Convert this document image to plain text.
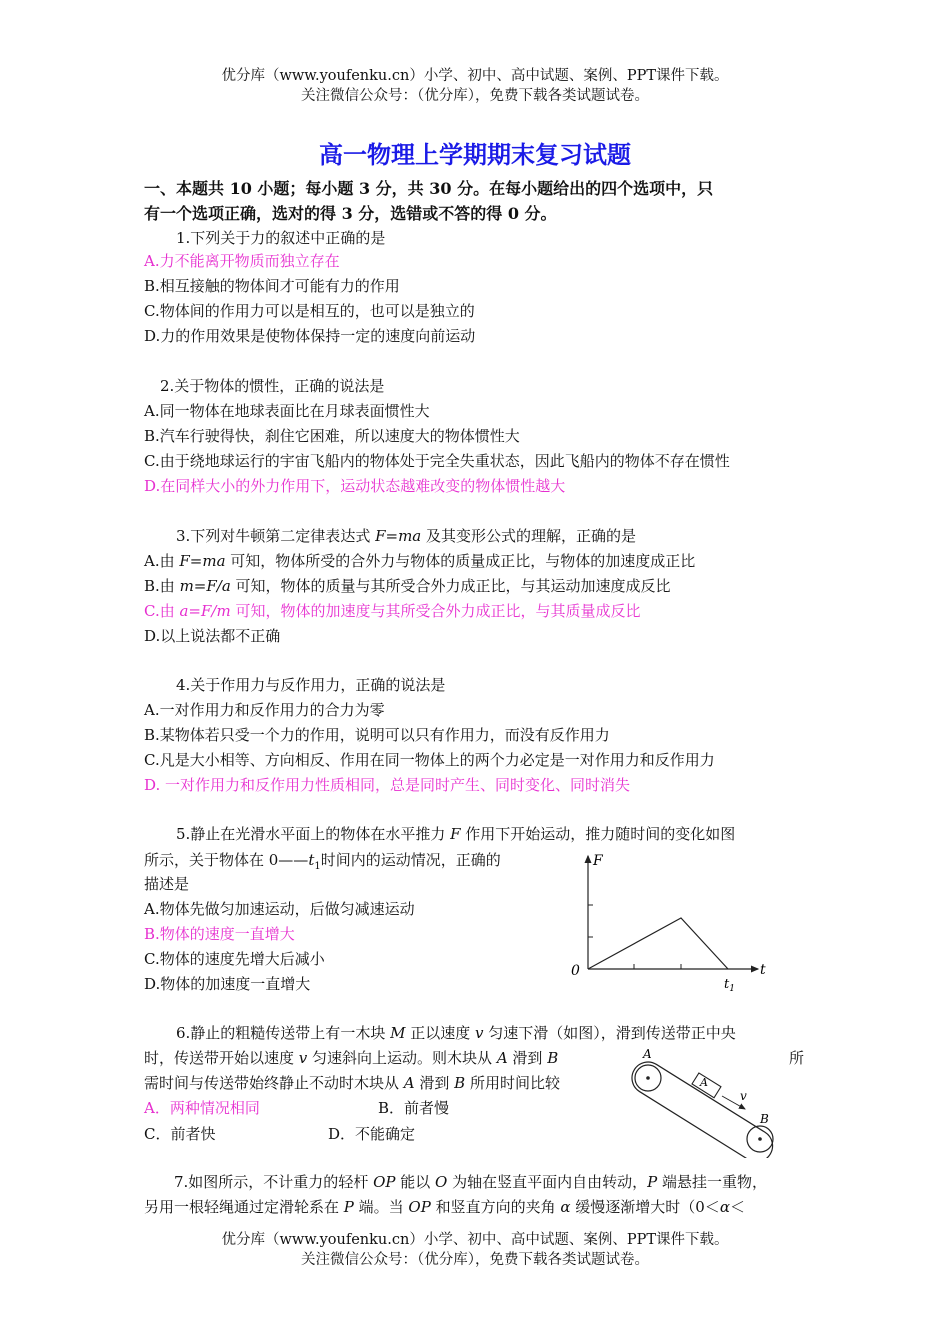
优分库（www.youfenku.cn）小学、初中、高中试题、案例、PPT课件下载。
关注微信公众号：（优分库），免费下载各类试题试卷。
高一物理上学期期末复习试题
一、本题共 10 小题；每小题 3 分，共 30 分。在每小题给出的四个选项中，只
有一个选项正确，选对的得 3 分，选错或不答的得 0 分。
1.下列关于力的叙述中正确的是
A.力不能离开物质而独立存在
B.相互接触的物体间才可能有力的作用
C.物体间的作用力可以是相互的，也可以是独立的
D.力的作用效果是使物体保持一定的速度向前运动
2.关于物体的惯性，正确的说法是
A.同一物体在地球表面比在月球表面惯性大
B.汽车行驶得快，刹住它困难，所以速度大的物体惯性大
C.由于绕地球运行的宇宙飞船内的物体处于完全失重状态，因此飞船内的物体不存在惯性
D.在同样大小的外力作用下，运动状态越难改变的物体惯性越大
3.下列对牛顿第二定律表达式 F=ma 及其变形公式的理解，正确的是
A.由 F=ma 可知，物体所受的合外力与物体的质量成正比，与物体的加速度成正比
B.由 m=F/a 可知，物体的质量与其所受合外力成正比，与其运动加速度成反比
C.由 a=F/m 可知，物体的加速度与其所受合外力成正比，与其质量成反比
D.以上说法都不正确
4.关于作用力与反作用力，正确的说法是
A.一对作用力和反作用力的合力为零
B.某物体若只受一个力的作用，说明可以只有作用力，而没有反作用力
C.凡是大小相等、方向相反、作用在同一物体上的两个力必定是一对作用力和反作用力
D. 一对作用力和反作用力性质相同，总是同时产生、同时变化、同时消失
5.静止在光滑水平面上的物体在水平推力 F 作用下开始运动，推力随时间的变化如图
所示，关于物体在 $0——t_1$时间内的运动情况，正确的
描述是
A.物体先做匀加速运动，后做匀减速运动
B.物体的速度一直增大
C.物体的速度先增大后减小
D.物体的加速度一直增大
F
t
0
$t_1$
6.静止的粗糙传送带上有一木块 M 正以速度 v 匀速下滑（如图），滑到传送带正中央
时，传送带开始以速度 v 匀速斜向上运动。则木块从 A 滑到 B	所
需时间与传送带始终静止不动时木块从 A 滑到 B 所用时间比较
A．两种情况相同	B．前者慢
C．前者快	D．不能确定
A
B
A
v
7.如图所示，不计重力的轻杆 OP 能以 O 为轴在竖直平面内自由转动，P 端悬挂一重物，
另用一根轻绳通过定滑轮系在 P 端。当 OP 和竖直方向的夹角 α 缓慢逐渐增大时（0＜α＜
优分库（www.youfenku.cn）小学、初中、高中试题、案例、PPT课件下载。
关注微信公众号：（优分库），免费下载各类试题试卷。
